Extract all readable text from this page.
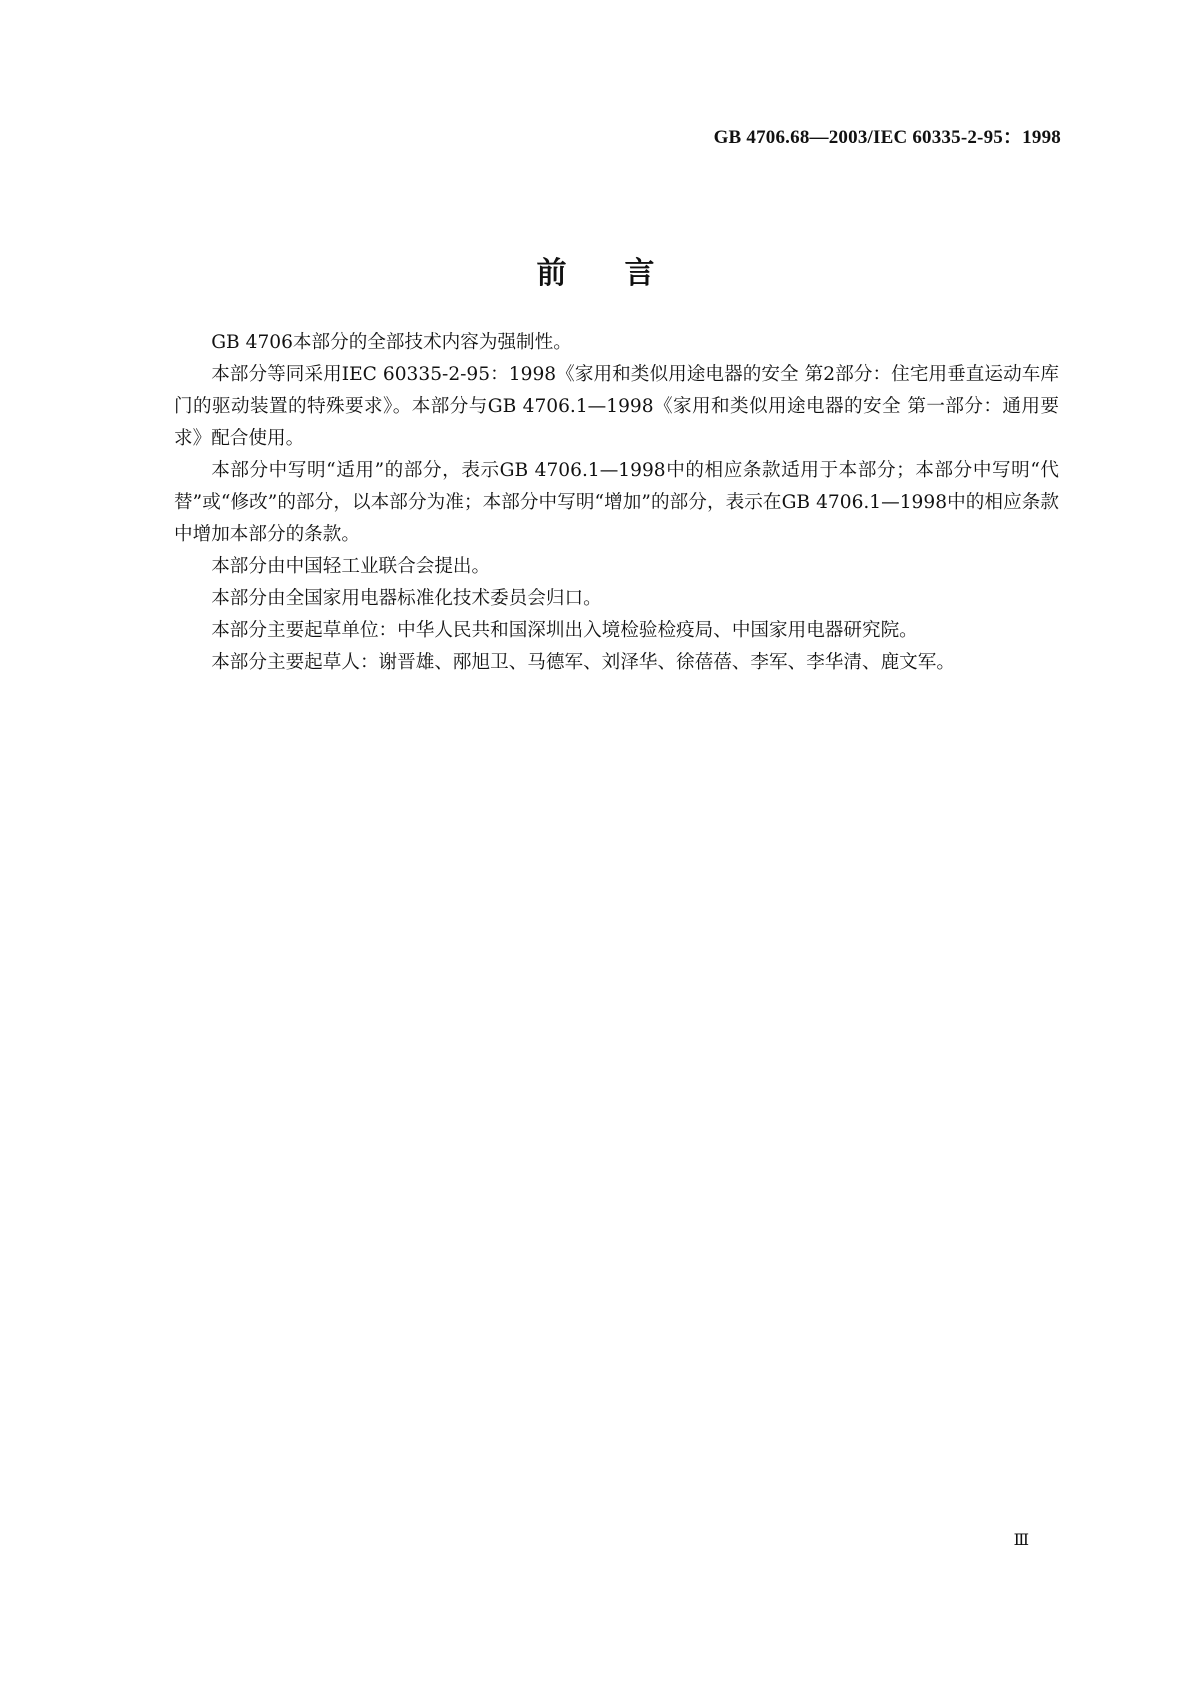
GB 4706.68—2003/IEC 60335-2-95：1998
前言

GB 4706本部分的全部技术内容为强制性。

本部分等同采用IEC 60335-2-95：1998《家用和类似用途电器的安全 第2部分：住宅用垂直运动车库门的驱动装置的特殊要求》。本部分与GB 4706.1—1998《家用和类似用途电器的安全 第一部分：通用要求》配合使用。

本部分中写明“适用”的部分，表示GB 4706.1—1998中的相应条款适用于本部分；本部分中写明“代替”或“修改”的部分，以本部分为准；本部分中写明“增加”的部分，表示在GB 4706.1—1998中的相应条款中增加本部分的条款。

本部分由中国轻工业联合会提出。

本部分由全国家用电器标准化技术委员会归口。

本部分主要起草单位：中华人民共和国深圳出入境检验检疫局、中国家用电器研究院。

本部分主要起草人：谢晋雄、邴旭卫、马德军、刘泽华、徐蓓蓓、李军、李华清、鹿文军。

Ⅲ
